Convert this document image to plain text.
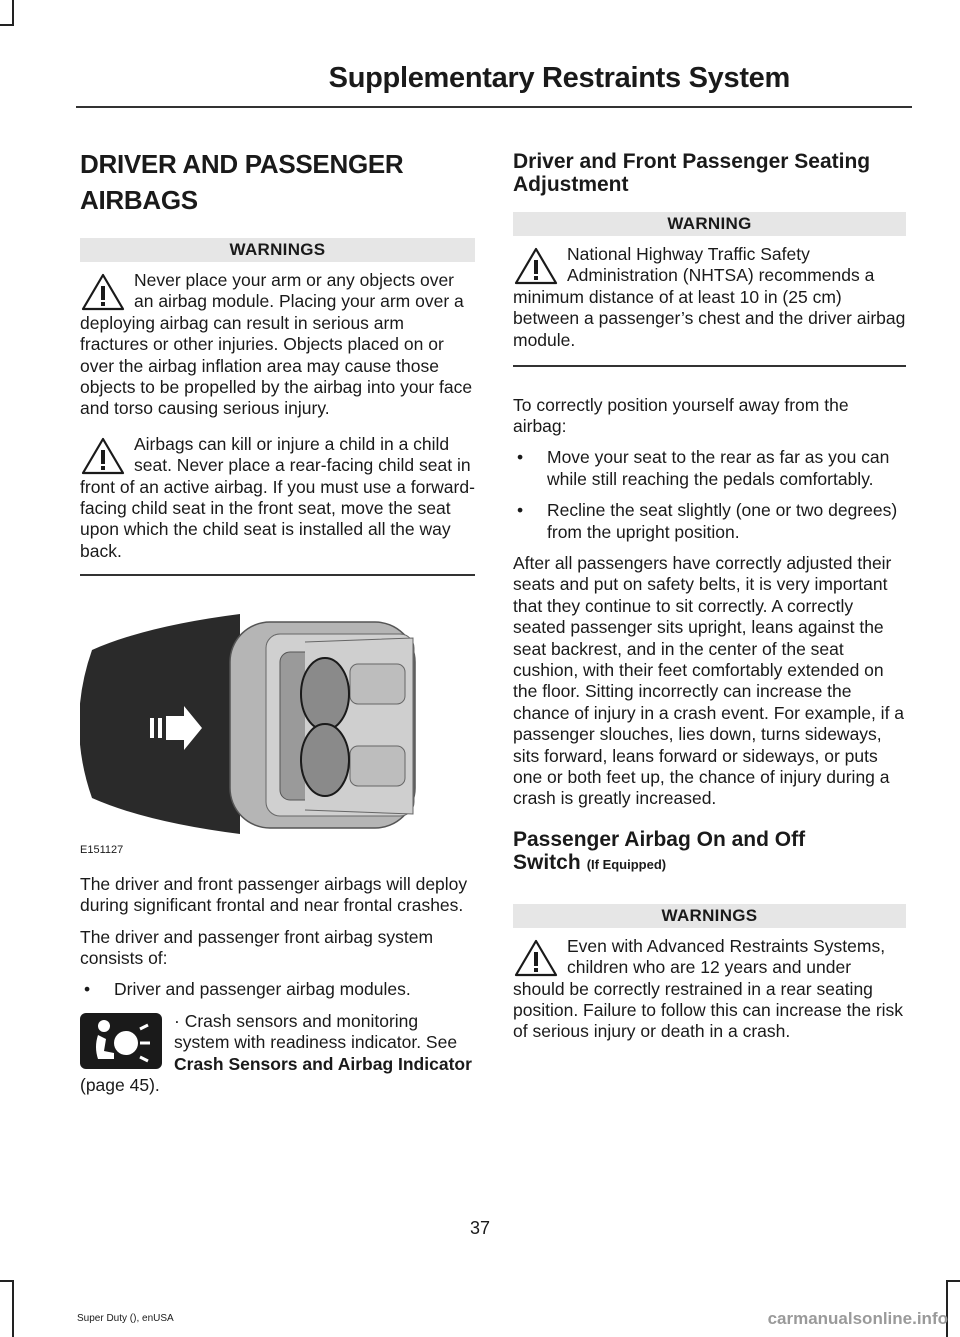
Supplementary Restraints System
DRIVER AND PASSENGER
AIRBAGS
WARNINGS

Never place your arm or any objects over an airbag module. Placing your arm over a deploying airbag can result in serious arm fractures or other injuries. Objects placed on or over the airbag inflation area may cause those objects to be propelled by the airbag into your face and torso causing serious injury.

Airbags can kill or injure a child in a child seat. Never place a rear-facing child seat in front of an active airbag. If you must use a forward-facing child seat in the front seat, move the seat upon which the child seat is installed all the way back.

E151127

The driver and front passenger airbags will deploy during significant frontal and near frontal crashes.

The driver and passenger front airbag system consists of:

• Driver and passenger airbag modules.

· Crash sensors and monitoring system with readiness indicator. See Crash Sensors and Airbag Indicator (page 45).

Driver and Front Passenger Seating Adjustment
WARNING

National Highway Traffic Safety Administration (NHTSA) recommends a minimum distance of at least 10 in (25 cm) between a passenger’s chest and the driver airbag module.

To correctly position yourself away from the airbag:

• Move your seat to the rear as far as you can while still reaching the pedals comfortably.
• Recline the seat slightly (one or two degrees) from the upright position.

After all passengers have correctly adjusted their seats and put on safety belts, it is very important that they continue to sit correctly. A correctly seated passenger sits upright, leans against the seat backrest, and in the center of the seat cushion, with their feet comfortably extended on the floor. Sitting incorrectly can increase the chance of injury in a crash event. For example, if a passenger slouches, lies down, turns sideways, sits forward, leans forward or sideways, or puts one or both feet up, the chance of injury during a crash is greatly increased.

Passenger Airbag On and Off
Switch (If Equipped)
WARNINGS

Even with Advanced Restraints Systems, children who are 12 years and under should be correctly restrained in a rear seating position. Failure to follow this can increase the risk of serious injury or death in a crash.

37
Super Duty (), enUSA	carmanualsonline.info
